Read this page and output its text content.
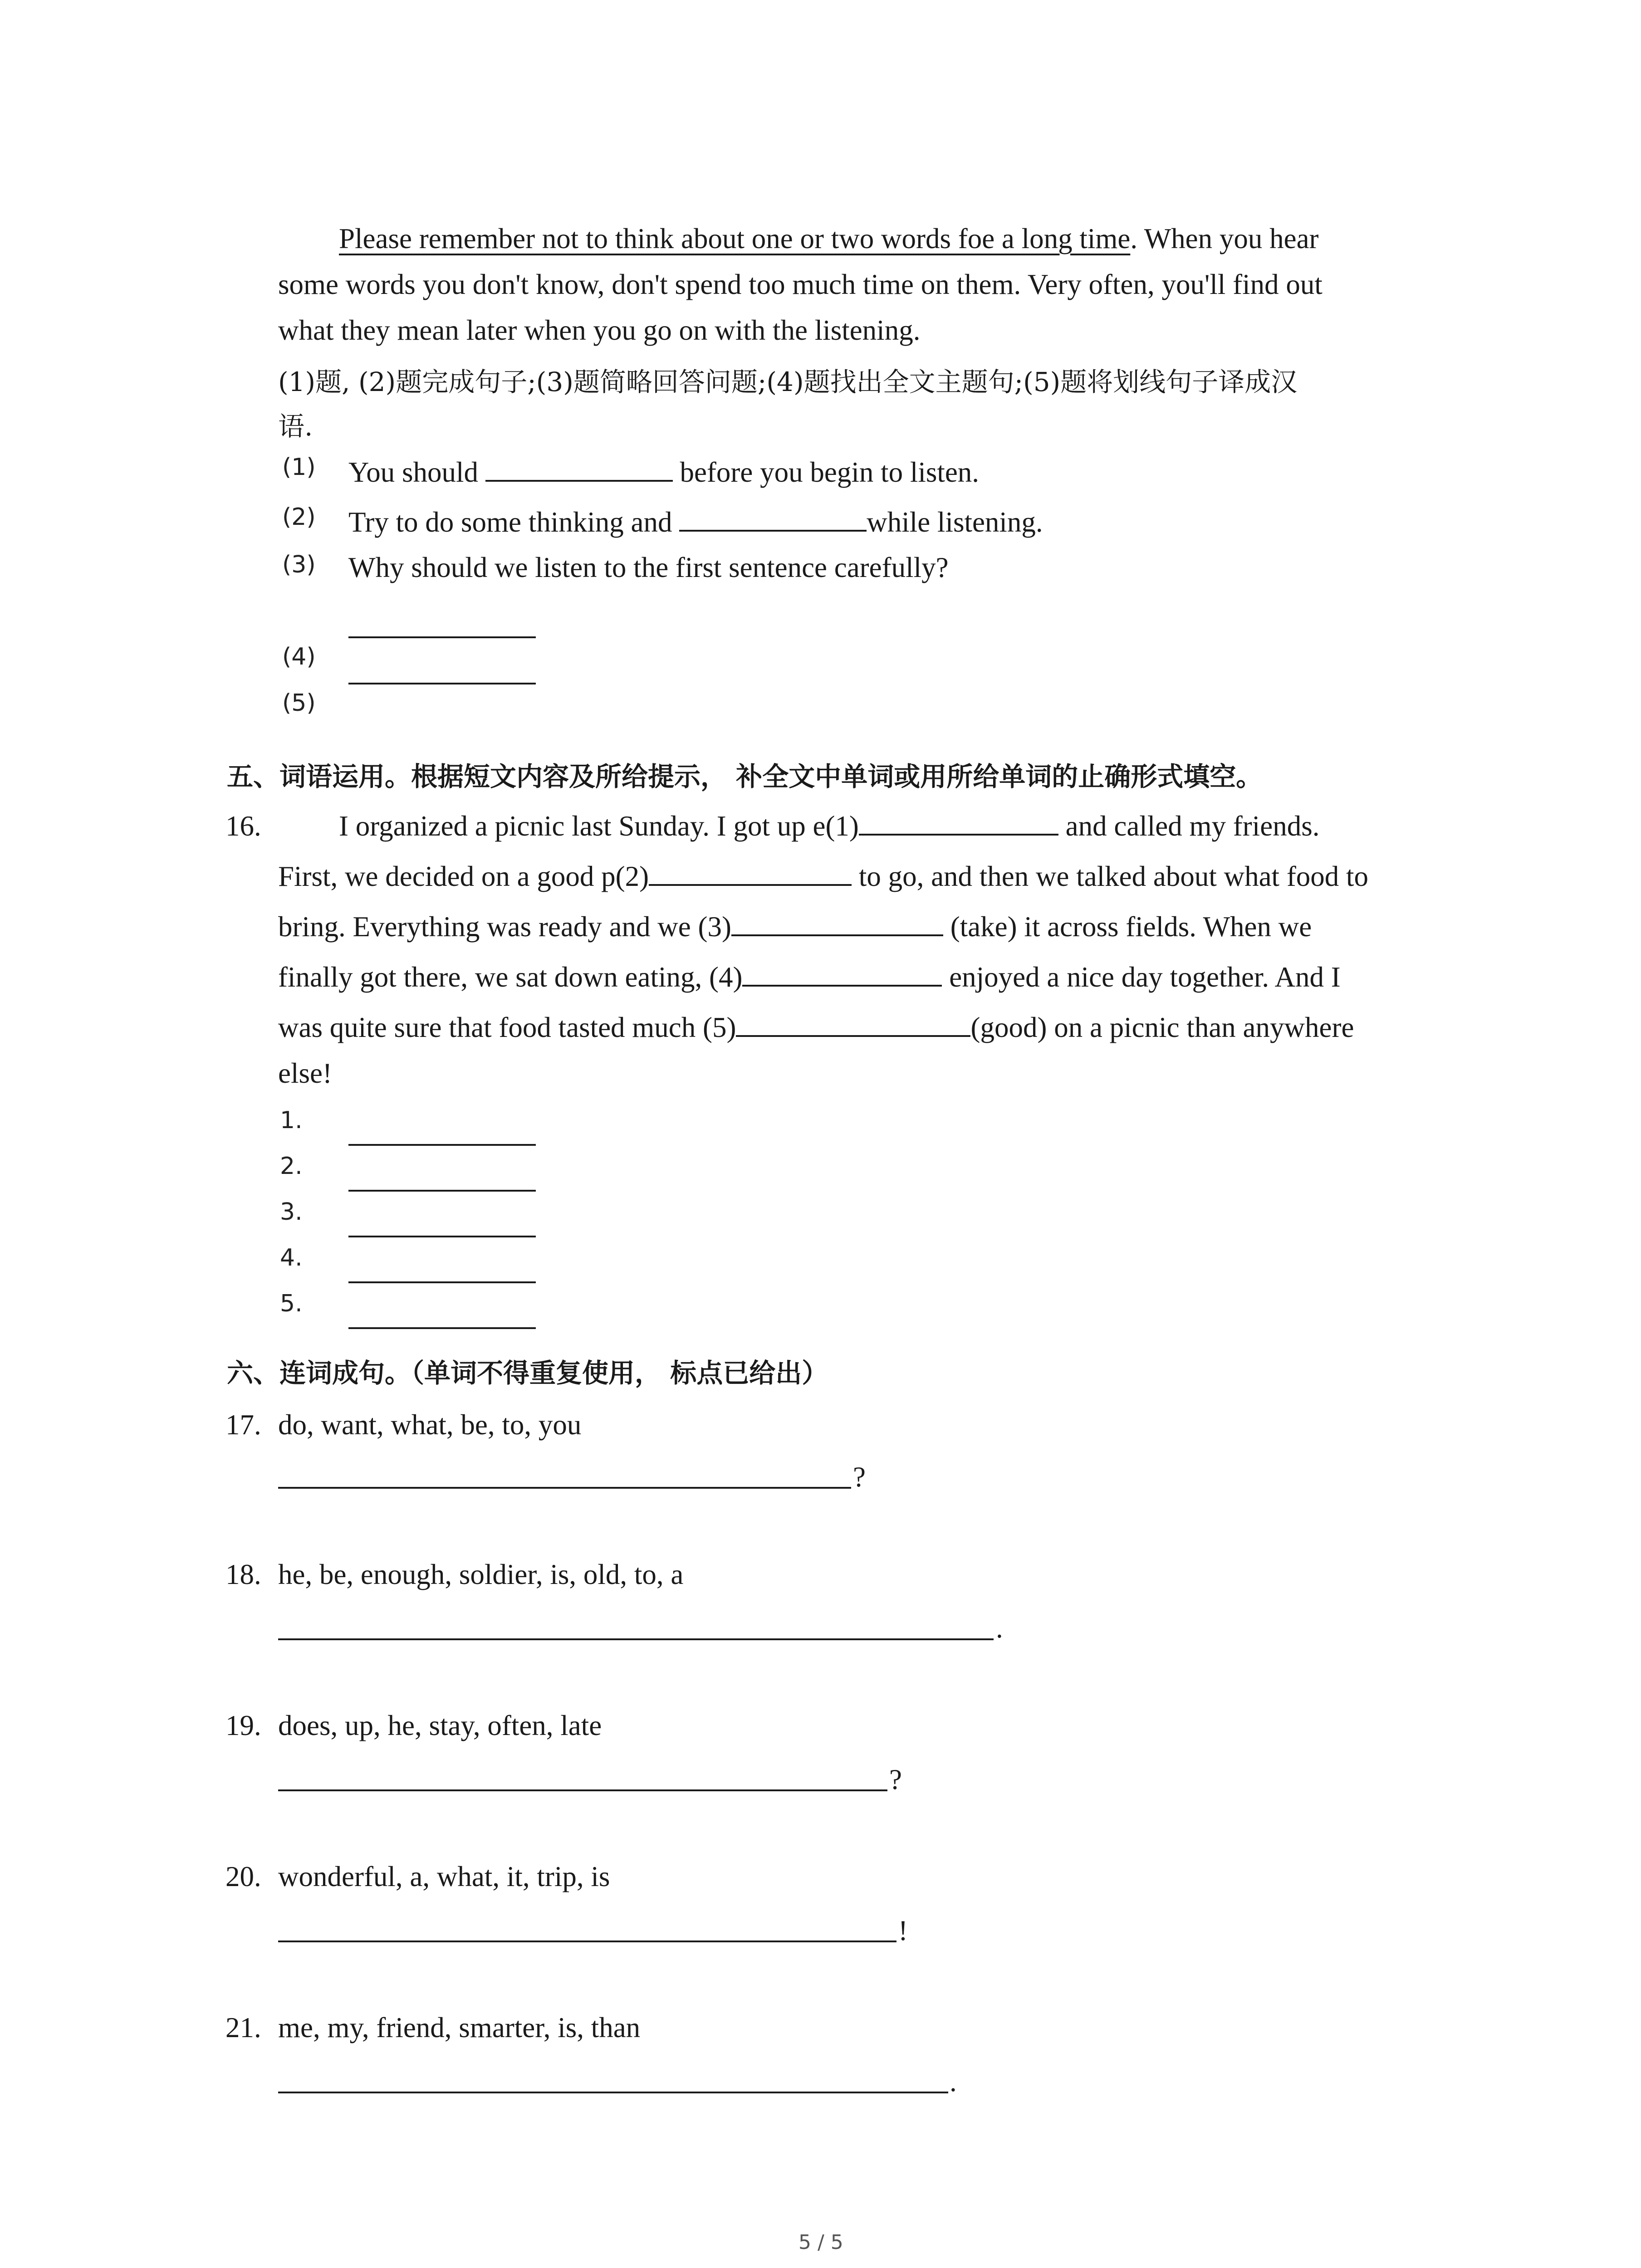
Please remember not to think about one or two words foe a long time. When you hear
some words you don't know, don't spend too much time on them. Very often, you'll find out
what they mean later when you go on with the listening.
(1)题, (2)题完成句子;(3)题简略回答问题;(4)题找出全文主题句;(5)题将划线句子译成汉
语.
(1) You should	before you begin to listen.
(2) Try to do some thinking and	while listening.
(3) Why should we listen to the first sentence carefully?
(4)
(5)
五、词语运用。根据短文内容及所给提示， 补全文中单词或用所给单词的止确形式填空。
16.	I organized a picnic last Sunday. I got up e(1)	and called my friends.
First, we decided on a good p(2)	to go, and then we talked about what food to
bring. Everything was ready and we (3)	(take) it across fields. When we
finally got there, we sat down eating, (4)	enjoyed a nice day together. And I
was quite sure that food tasted much (5)	(good) on a picnic than anywhere
else!
1.
2.
3.
4.
5.
六、连词成句。（单词不得重复使用， 标点已给出）
17. do, want, what, be, to, you
?
18. he, be, enough, soldier, is, old, to, a
.
19. does, up, he, stay, often, late
?
20. wonderful, a, what, it, trip, is
!
21. me, my, friend, smarter, is, than
.
5 / 5
